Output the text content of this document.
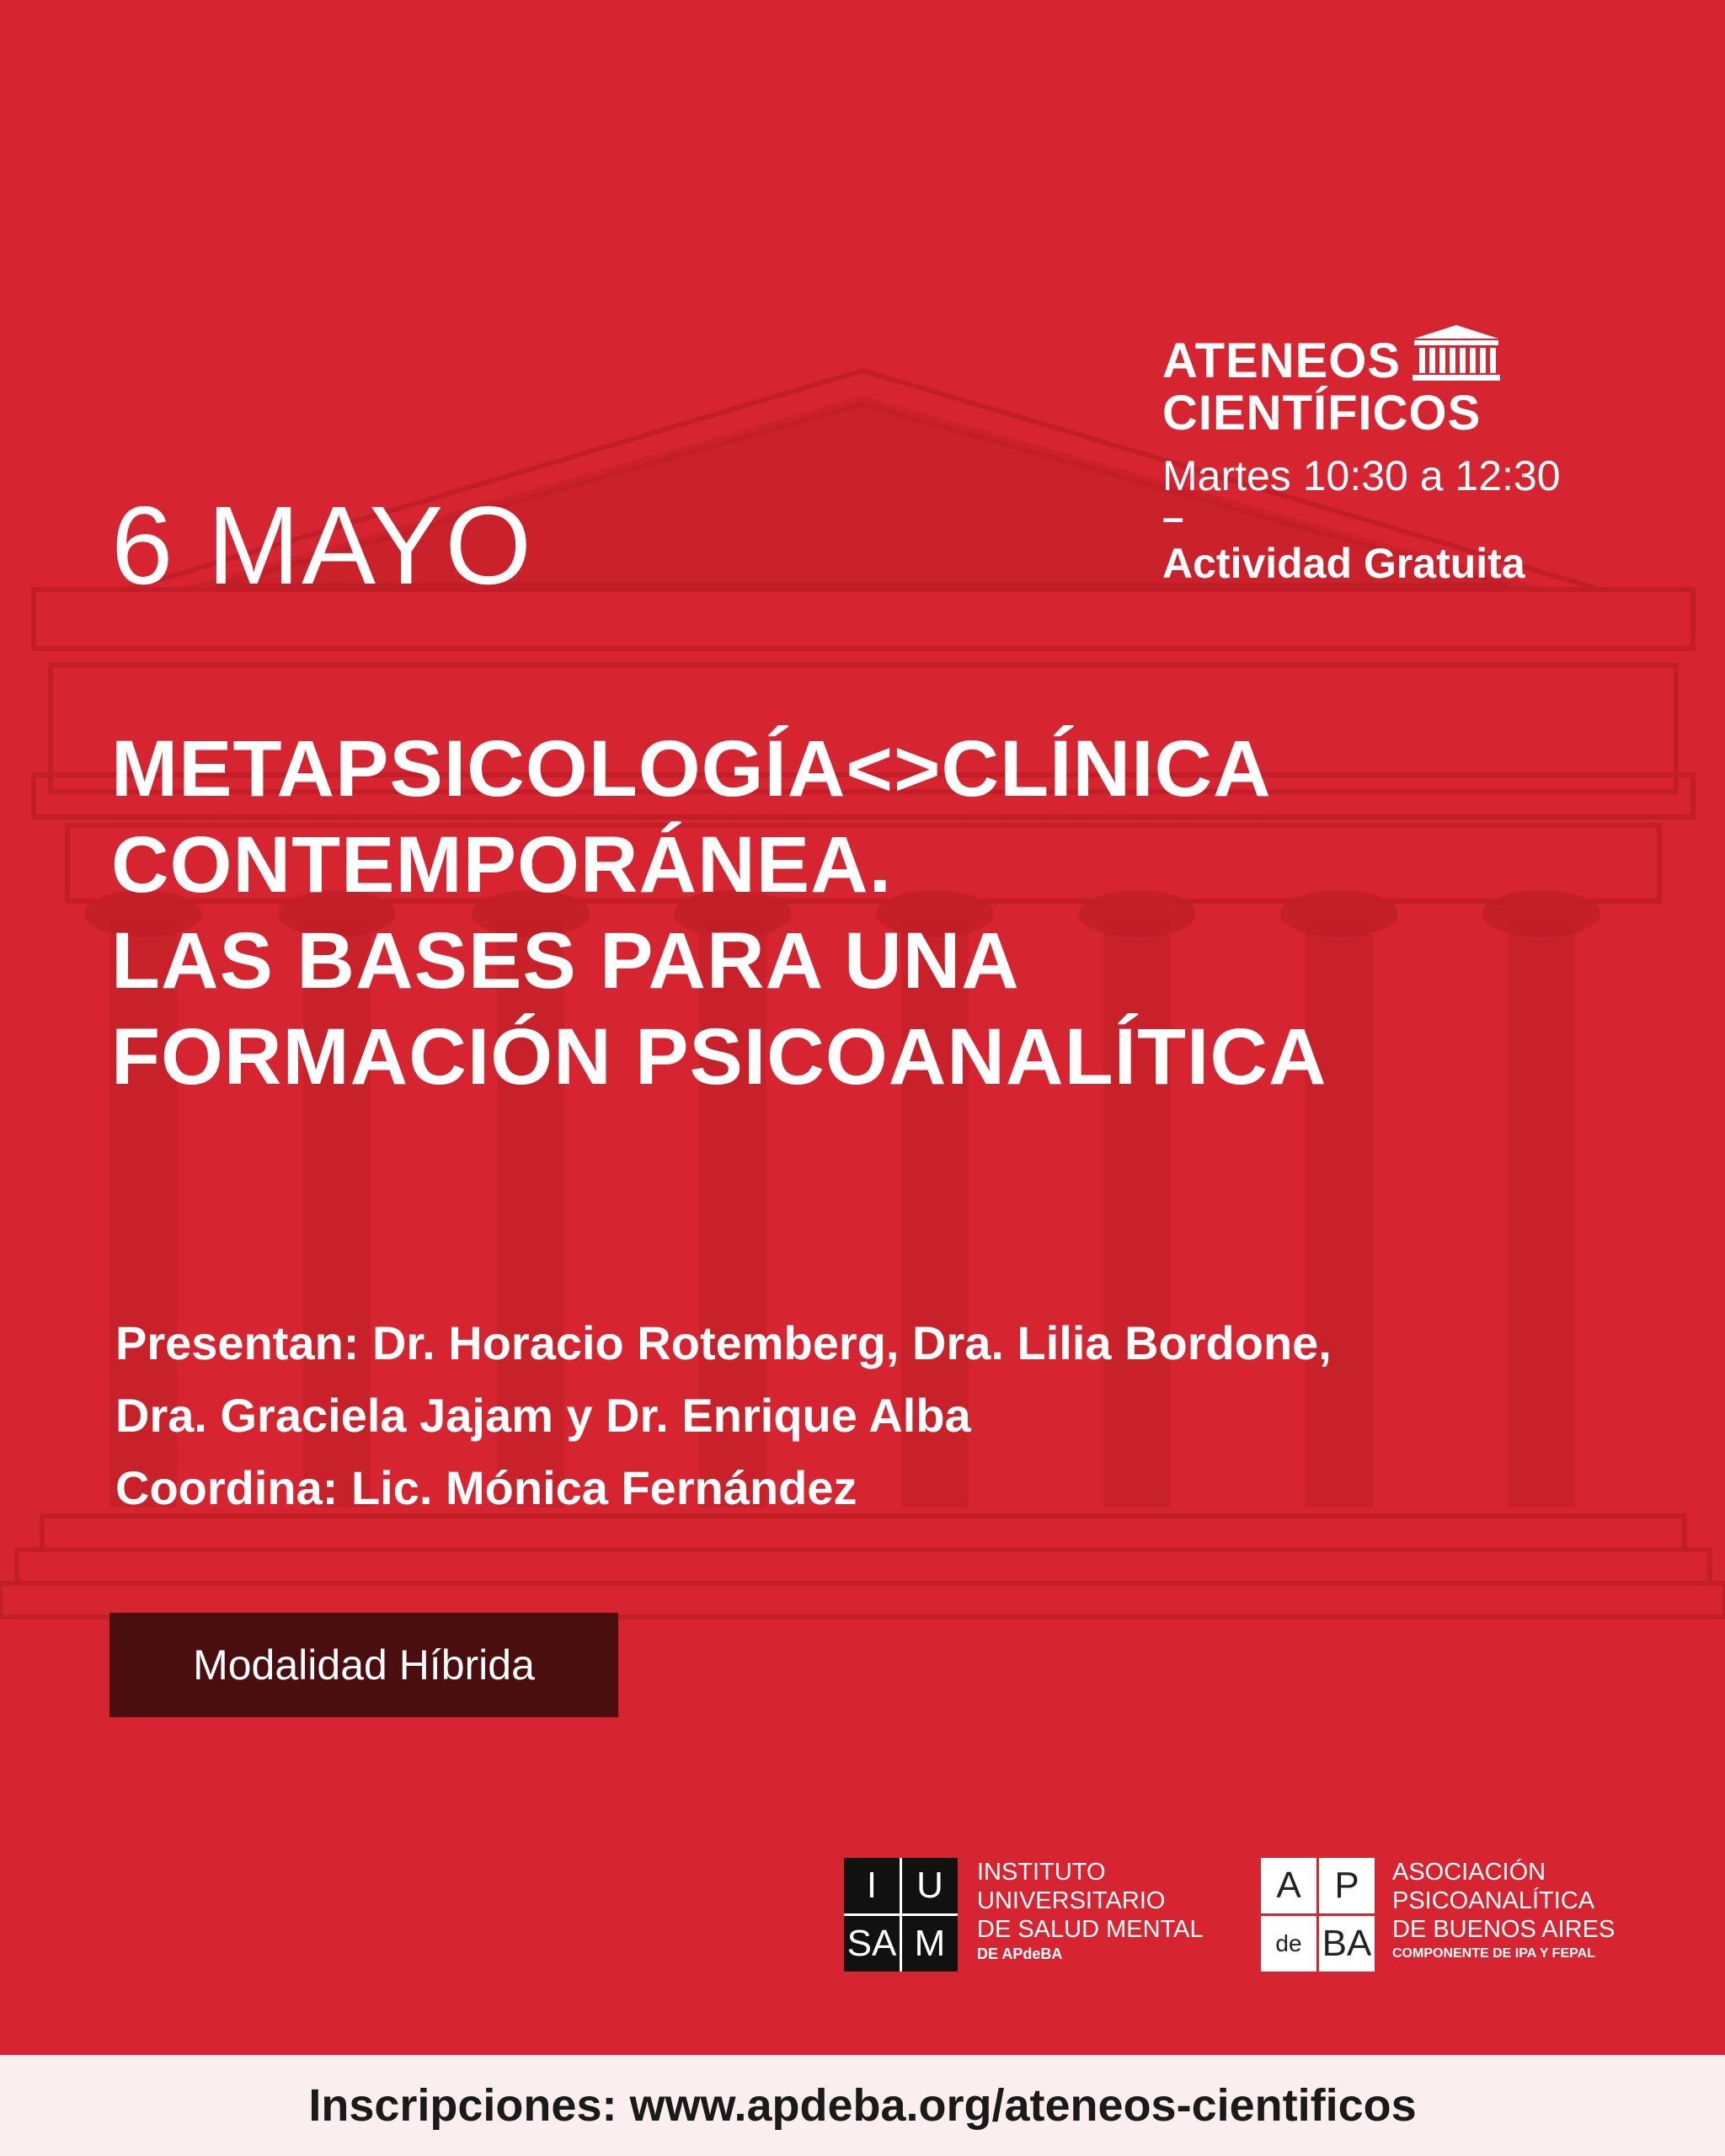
6 MAYO
ATENEOS
CIENTÍFICOS
Martes 10:30 a 12:30
–
Actividad Gratuita
METAPSICOLOGÍA<>CLÍNICA
CONTEMPORÁNEA.
LAS BASES PARA UNA
FORMACIÓN PSICOANALÍTICA
Presentan: Dr. Horacio Rotemberg, Dra. Lilia Bordone,
Dra. Graciela Jajam y Dr. Enrique Alba
Coordina: Lic. Mónica Fernández
Modalidad Híbrida
I	U
SA M
INSTITUTO
UNIVERSITARIO
DE SALUD MENTAL
DE APdeBA
A P
de BA
ASOCIACIÓN
PSICOANALÍTICA
DE BUENOS AIRES
COMPONENTE DE IPA Y FEPAL
Inscripciones: www.apdeba.org/ateneos-cientificos
